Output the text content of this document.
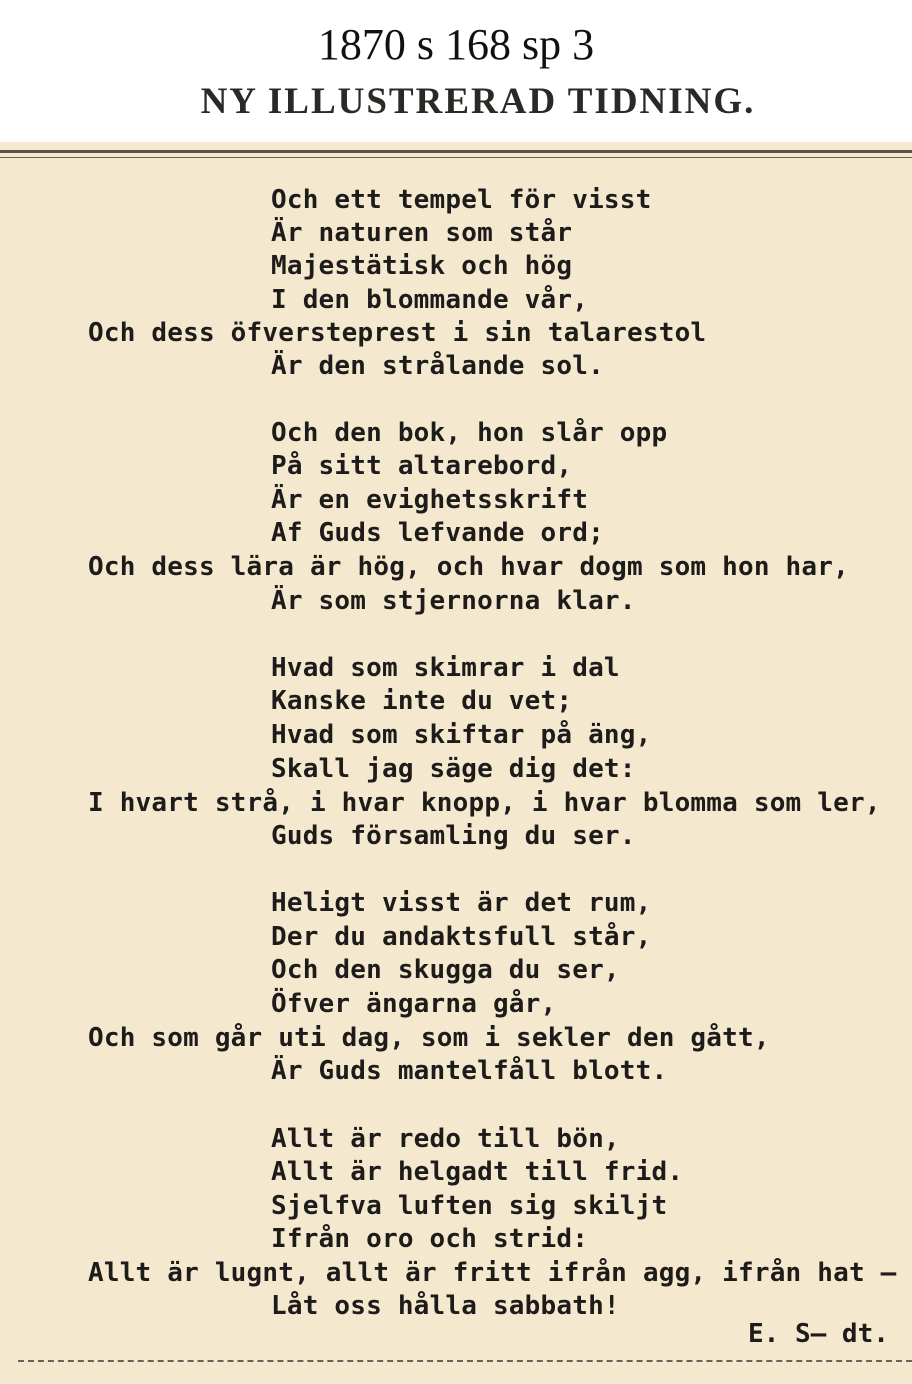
1870 s 168 sp 3
NY ILLUSTRERAD TIDNING.
Och ett tempel för visst
Är naturen som står
Majestätisk och hög
I den blommande vår,
Och dess öfversteprest i sin talarestol
Är den strålande sol.
Och den bok, hon slår opp
På sitt altarebord,
Är en evighetsskrift
Af Guds lefvande ord;
Och dess lära är hög, och hvar dogm som hon har,
Är som stjernorna klar.
Hvad som skimrar i dal
Kanske inte du vet;
Hvad som skiftar på äng,
Skall jag säge dig det:
I hvart strå, i hvar knopp, i hvar blomma som ler,
Guds församling du ser.
Heligt visst är det rum,
Der du andaktsfull står,
Och den skugga du ser,
Öfver ängarna går,
Och som går uti dag, som i sekler den gått,
Är Guds mantelfåll blott.
Allt är redo till bön,
Allt är helgadt till frid.
Sjelfva luften sig skiljt
Ifrån oro och strid:
Allt är lugnt, allt är fritt ifrån agg, ifrån hat —
Låt oss hålla sabbath!
E. S– dt.
